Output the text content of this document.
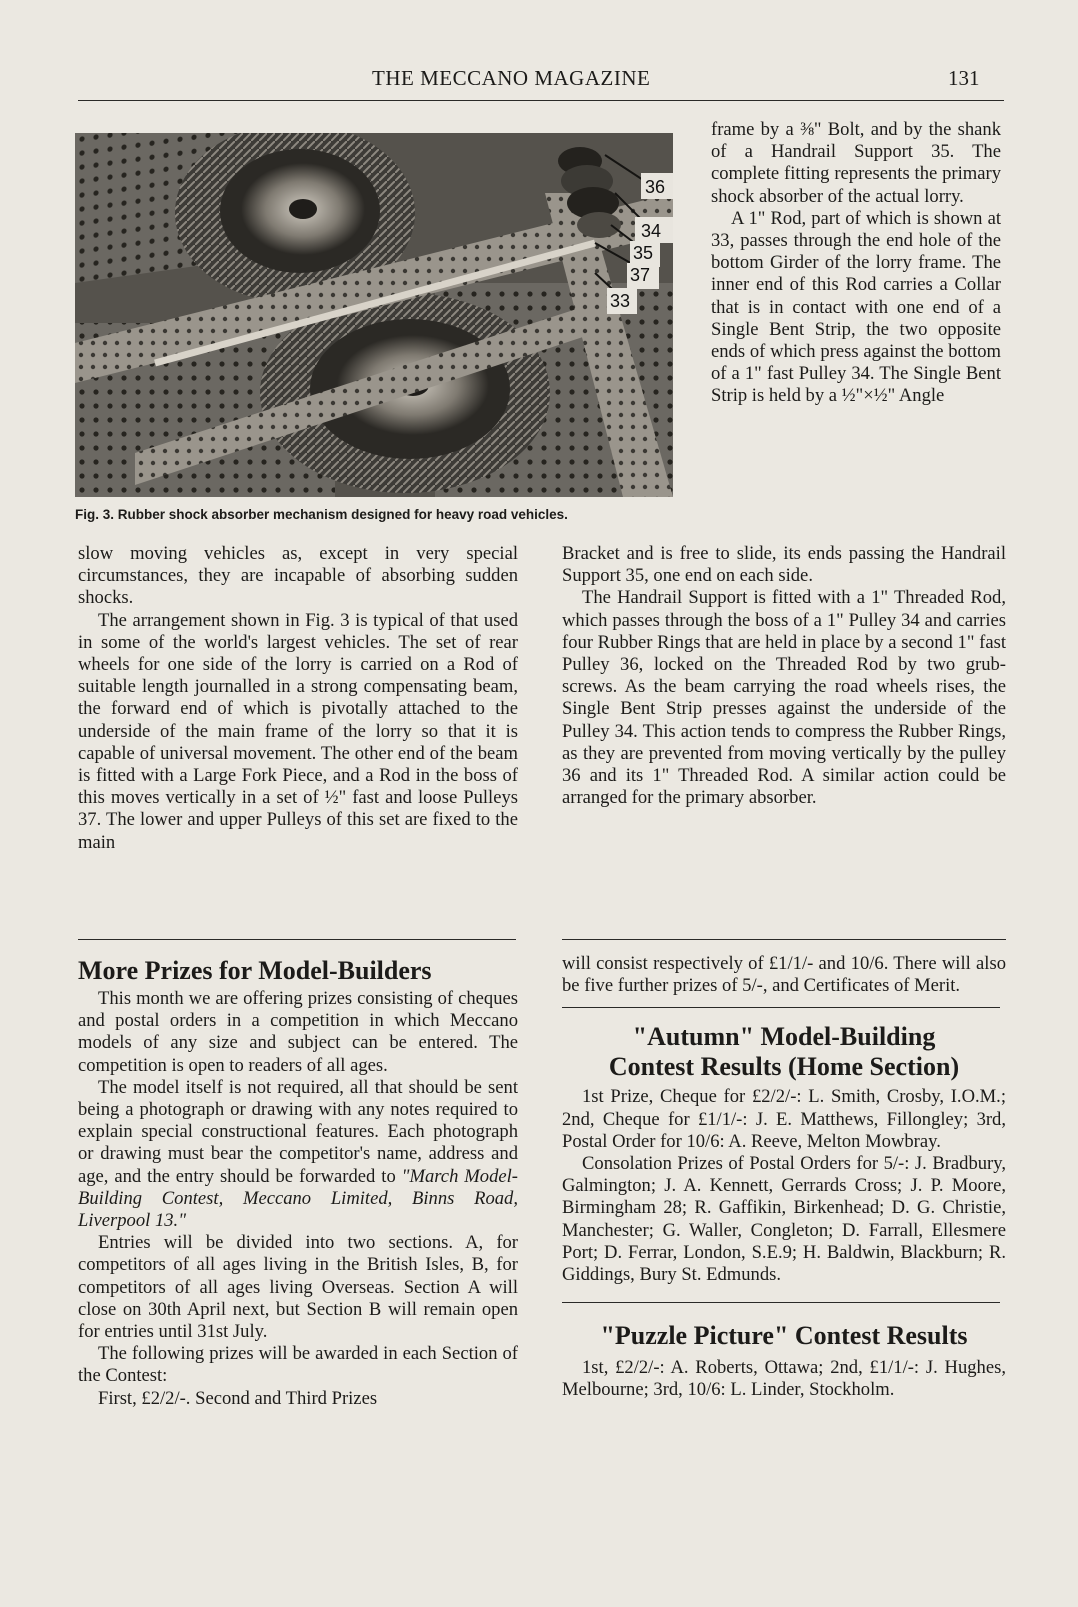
THE MECCANO MAGAZINE	131
36
34
35
37
33
Fig. 3. Rubber shock absorber mechanism designed for heavy road vehicles.

frame by a ⅜" Bolt, and by the shank of a Handrail Support 35. The complete fitting represents the primary shock absorber of the actual lorry.

A 1" Rod, part of which is shown at 33, passes through the end hole of the bottom Girder of the lorry frame. The inner end of this Rod carries a Collar that is in contact with one end of a Single Bent Strip, the two opposite ends of which press against the bottom of a 1" fast Pulley 34. The Single Bent Strip is held by a ½"×½" Angle

slow moving vehicles as, except in very special circumstances, they are incapable of absorbing sudden shocks.

The arrangement shown in Fig. 3 is typical of that used in some of the world's largest vehicles. The set of rear wheels for one side of the lorry is carried on a Rod of suitable length journalled in a strong compensating beam, the forward end of which is pivotally attached to the underside of the main frame of the lorry so that it is capable of universal movement. The other end of the beam is fitted with a Large Fork Piece, and a Rod in the boss of this moves vertically in a set of ½" fast and loose Pulleys 37. The lower and upper Pulleys of this set are fixed to the main

Bracket and is free to slide, its ends passing the Handrail Support 35, one end on each side.

The Handrail Support is fitted with a 1" Threaded Rod, which passes through the boss of a 1" Pulley 34 and carries four Rubber Rings that are held in place by a second 1" fast Pulley 36, locked on the Threaded Rod by two grub-screws. As the beam carrying the road wheels rises, the Single Bent Strip presses against the underside of the Pulley 34. This action tends to compress the Rubber Rings, as they are prevented from moving vertically by the pulley 36 and its 1" Threaded Rod. A similar action could be arranged for the primary absorber.

More Prizes for Model-Builders

This month we are offering prizes consisting of cheques and postal orders in a competition in which Meccano models of any size and subject can be entered. The competition is open to readers of all ages.

The model itself is not required, all that should be sent being a photograph or drawing with any notes required to explain special constructional features. Each photograph or drawing must bear the competitor's name, address and age, and the entry should be forwarded to "March Model-Building Contest, Meccano Limited, Binns Road, Liverpool 13."

Entries will be divided into two sections. A, for competitors of all ages living in the British Isles, B, for competitors of all ages living Overseas. Section A will close on 30th April next, but Section B will remain open for entries until 31st July.

The following prizes will be awarded in each Section of the Contest:

First, £2/2/-. Second and Third Prizes

will consist respectively of £1/1/- and 10/6. There will also be five further prizes of 5/-, and Certificates of Merit.

"Autumn" Model-Building
Contest Results (Home Section)

1st Prize, Cheque for £2/2/-: L. Smith, Crosby, I.O.M.; 2nd, Cheque for £1/1/-: J. E. Matthews, Fillongley; 3rd, Postal Order for 10/6: A. Reeve, Melton Mowbray.

Consolation Prizes of Postal Orders for 5/-: J. Bradbury, Galmington; J. A. Kennett, Gerrards Cross; J. P. Moore, Birmingham 28; R. Gaffikin, Birkenhead; D. G. Christie, Manchester; G. Waller, Congleton; D. Farrall, Ellesmere Port; D. Ferrar, London, S.E.9; H. Baldwin, Blackburn; R. Giddings, Bury St. Edmunds.

"Puzzle Picture" Contest Results

1st, £2/2/-: A. Roberts, Ottawa; 2nd, £1/1/-: J. Hughes, Melbourne; 3rd, 10/6: L. Linder, Stockholm.
